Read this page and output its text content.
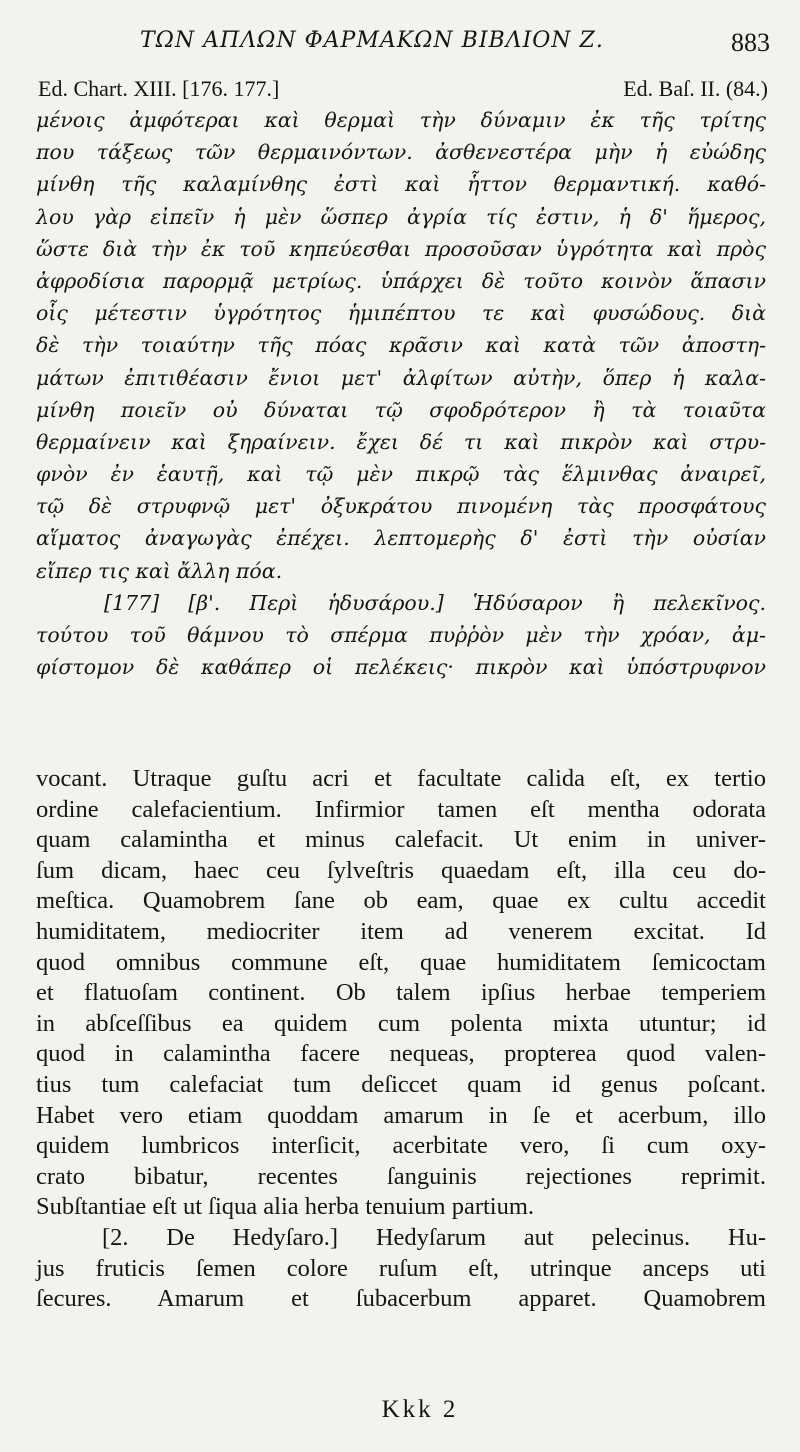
ΤΩΝ ΑΠΛΩΝ ΦΑΡΜΑΚΩΝ ΒΙΒΛΙΟΝ Ζ.	883
Ed. Chart. XIII. [176. 177.]	Ed. Baſ. II. (84.)
μένοις ἀμφότεραι καὶ θερμαὶ τὴν δύναμιν ἐκ τῆς τρίτης
που τάξεως τῶν θερμαινόντων. ἀσθενεστέρα μὴν ἡ εὐώδης
μίνθη τῆς καλαμίνθης ἐστὶ καὶ ἧττον θερμαντική. καθό-
λου γὰρ εἰπεῖν ἡ μὲν ὥσπερ ἀγρία τίς ἐστιν, ἡ δ' ἥμερος,
ὥστε διὰ τὴν ἐκ τοῦ κηπεύεσθαι προσοῦσαν ὑγρότητα καὶ πρὸς
ἀφροδίσια παρορμᾷ μετρίως. ὑπάρχει δὲ τοῦτο κοινὸν ἅπασιν
οἷς μέτεστιν ὑγρότητος ἡμιπέπτου τε καὶ φυσώδους. διὰ
δὲ τὴν τοιαύτην τῆς πόας κρᾶσιν καὶ κατὰ τῶν ἀποστη-
μάτων ἐπιτιθέασιν ἔνιοι μετ' ἀλφίτων αὐτὴν, ὅπερ ἡ καλα-
μίνθη ποιεῖν οὐ δύναται τῷ σφοδρότερον ἢ τὰ τοιαῦτα
θερμαίνειν καὶ ξηραίνειν. ἔχει δέ τι καὶ πικρὸν καὶ στρυ-
φνὸν ἐν ἑαυτῇ, καὶ τῷ μὲν πικρῷ τὰς ἕλμινθας ἀναιρεῖ,
τῷ δὲ στρυφνῷ μετ' ὀξυκράτου πινομένη τὰς προσφάτους
αἵματος ἀναγωγὰς ἐπέχει. λεπτομερὴς δ' ἐστὶ τὴν οὐσίαν
εἴπερ τις καὶ ἄλλη πόα.
[177] [β'. Περὶ ἡδυσάρου.] Ἡδύσαρον ἢ πελεκῖνος.
τούτου τοῦ θάμνου τὸ σπέρμα πυῤῥὸν μὲν τὴν χρόαν, ἀμ-
φίστομον δὲ καθάπερ οἱ πελέκεις· πικρὸν καὶ ὑπόστρυφνον
vocant. Utraque guſtu acri et facultate calida eſt, ex tertio
ordine calefacientium. Infirmior tamen eſt mentha odorata
quam calamintha et minus calefacit. Ut enim in univer-
ſum dicam, haec ceu ſylveſtris quaedam eſt, illa ceu do-
meſtica. Quamobrem ſane ob eam, quae ex cultu accedit
humiditatem, mediocriter item ad venerem excitat. Id
quod omnibus commune eſt, quae humiditatem ſemicoctam
et flatuoſam continent. Ob talem ipſius herbae temperiem
in abſceſſibus ea quidem cum polenta mixta utuntur; id
quod in calamintha facere nequeas, propterea quod valen-
tius tum calefaciat tum deſiccet quam id genus poſcant.
Habet vero etiam quoddam amarum in ſe et acerbum, illo
quidem lumbricos interſicit, acerbitate vero, ſi cum oxy-
crato bibatur, recentes ſanguinis rejectiones reprimit.
Subſtantiae eſt ut ſiqua alia herba tenuium partium.
[2. De Hedyſaro.] Hedyſarum aut pelecinus. Hu-
jus fruticis ſemen colore ruſum eſt, utrinque anceps uti
ſecures. Amarum et ſubacerbum apparet. Quamobrem
Kkk 2
